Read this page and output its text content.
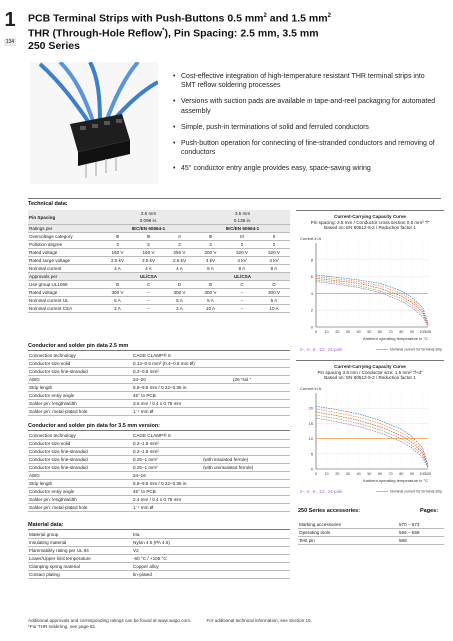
1
134
PCB Terminal Strips with Push-Buttons 0.5 $mm^2$ and 1.5 $mm^2$
THR (Through-Hole Reflow*), Pin Spacing: 2.5 mm, 3.5 mm
250 Series
• Cost-effective integration of high-temperature resistant THR terminal strips into SMT reflow soldering processes
• Versions with suction pads are available in tape-and-reel packaging for automated assembly
• Simple, push-in terminations of solid and ferruled conductors
• Push-button operation for connecting of fine-stranded conductors and removing of conductors
• 45° conductor entry angle provides easy, space-saving wiring
Technical data:
Pin Spacing	2.5 mm
0.098 in.			3.5 mm
0.138 in.		
Ratings per	IEC/EN 60664-1			IEC/EN 60664-1		
Overvoltage category	III	III	II	III	III	II
Pollution degree	3	2	2	3	2	2
Rated voltage	160 V	160 V	250 V	200 V	320 V	320 V
Rated surge voltage	2.5 kV	2.5 kV	2.5 kV	4 kV	4 kV	4 kV
Nominal current	4 A	4 A	4 A	8 A	8 A	8 A
Approvals per	UL/CSA			UL/CSA		
Use group UL1059	B	C	D	B	C	D
Rated voltage	300 V	–	300 V	300 V	–	300 V
Nominal current UL	5 A	–	5 A	5 A	–	5 A
Nominal current CSA	2 A	–	2 A	10 A	–	10 A
Conductor and solder pin data 2.5 mm
Connection technology	CAGE CLAMP® S	
Conductor size solid	0.14–0.5 mm² (0.4–0.8 mm Ø)	
Conductor size fine-stranded	0.2–0.5 mm²	
AWG	24–20	(26 “sol.”
Strip length	8.5–9.5 mm / 0.32–0.36 in.	
Conductor entry angle	45° to PCB	
Solder pin: length/width	3.6 mm / 0.4 x 0.75 mm	
Solder pin: metal-plated hole	1⁻¹ mm Ø	
Conductor and solder pin data for 3.5 mm version:
Connection technology	CAGE CLAMP® S	
Conductor size solid	0.2–1.5 mm²	
Conductor size fine-stranded	0.2–1.5 mm²	
Conductor size fine-stranded	0.25–1 mm²	(with insulated ferrule)
Conductor size fine-stranded	0.25–1 mm²	(with uninsulated ferrule)
AWG	24–16	
Strip length	8.5–9.5 mm / 0.32–0.36 in.	
Conductor entry angle	45° to PCB	
Solder pin: length/width	2.4 mm / 0.4 x 0.75 mm	
Solder pin: metal-plated hole	1⁻¹ mm Ø	
Material data:
Material group	IIIa
Insulating material	Nylon 4.6 (PA 4.6)
Flammability rating per UL 94	V2
Lower/Upper limit temperature	-60 °C / +105 °C
Clamping spring material	Copper alloy
Contact plating	tin-plated
250 Series accessories:	Pages:
Marking accessories	570 – 573
Operating tools	556 – 559
Test pin	568
Current-Carrying Capacity Curve
Pin spacing: 2.5 mm / Conductor cross section 0.5 mm² “f”
Based on: EN 60512-5-2 / Reduction factor 1
Current in A
0
2
4
6
8
0 10 20 30 40 50 60 70 80 90 100 105
Ambient operating temperature in °C
2-, 4-, 6-, 12-, 24-pole	Nominal current for terminal strip
Current-Carrying Capacity Curve
Pin spacing 3.5 mm / Conductor size: 1.5 mm² “f+d”
Based on: EN 60512-5-2 / Reduction factor 1
Current in A
0
5
10
15
20
0 10 20 30 40 50 60 70 80 90 100 105
Ambient operating temperature in °C
2-, 4-, 6-, 12-, 24-pole	Nominal current for terminal strip
Additional approvals and corresponding ratings can be found at www.wago.com.	For additional technical information, see Section 15.
*For THR soldering, see page 81.
